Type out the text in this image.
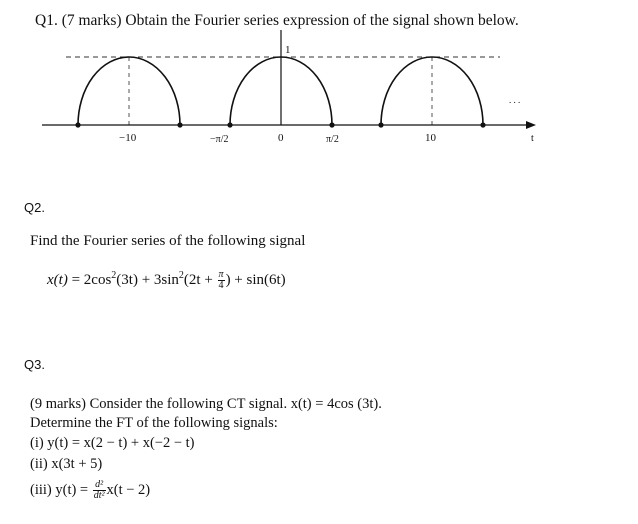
Q1. (7 marks) Obtain the Fourier series expression of the signal shown below.
1
. . .
−10	−π/2	0	π/2	10	t
Q2.
Find the Fourier series of the following signal
$x(t) = 2\cos^2(3t) + 3\sin^2(2t + \frac{\pi}{4}$ ) + sin(6t)
Q3.
(9 marks) Consider the following CT signal. x(t) = 4cos (3t).
Determine the FT of the following signals:
(i) y(t) = x(2 − t) + x(−2 − t)
(ii) x(3t + 5)
(iii) $y(t) = \frac{\text{d²}}{\text{dt²}} x(t - 2)$
